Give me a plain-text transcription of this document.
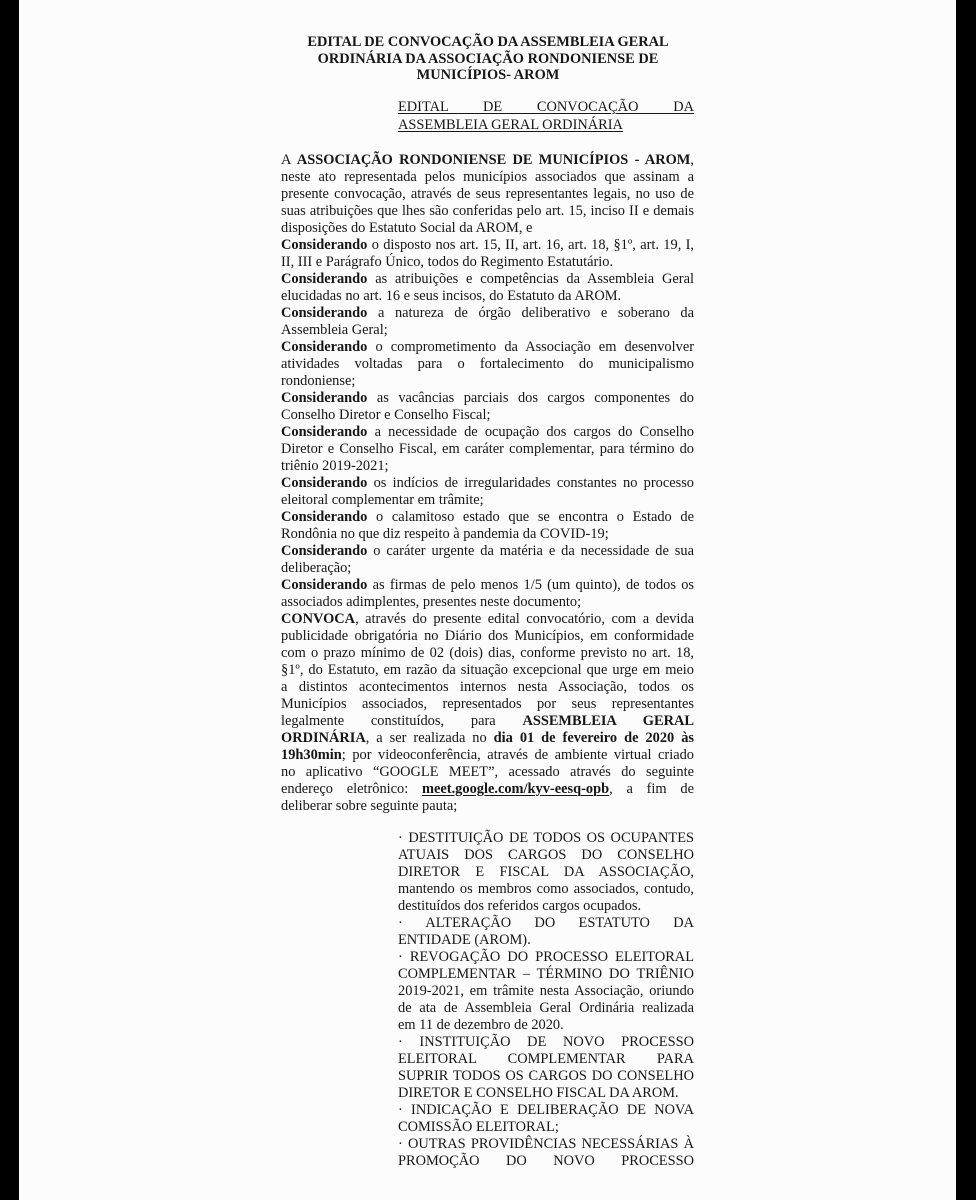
EDITAL DE CONVOCAÇÃO DA ASSEMBLEIA GERAL
ORDINÁRIA DA ASSOCIAÇÃO RONDONIENSE DE
MUNICÍPIOS- AROM
EDITAL DE CONVOCAÇÃO DA
ASSEMBLEIA GERAL ORDINÁRIA
A ASSOCIAÇÃO RONDONIENSE DE MUNICÍPIOS - AROM,
neste ato representada pelos municípios associados que assinam a
presente convocação, através de seus representantes legais, no uso de
suas atribuições que lhes são conferidas pelo art. 15, inciso II e demais
disposições do Estatuto Social da AROM, e
Considerando o disposto nos art. 15, II, art. 16, art. 18, §1º, art. 19, I,
II, III e Parágrafo Único, todos do Regimento Estatutário.
Considerando as atribuições e competências da Assembleia Geral
elucidadas no art. 16 e seus incisos, do Estatuto da AROM.
Considerando a natureza de órgão deliberativo e soberano da
Assembleia Geral;
Considerando o comprometimento da Associação em desenvolver
atividades voltadas para o fortalecimento do municipalismo
rondoniense;
Considerando as vacâncias parciais dos cargos componentes do
Conselho Diretor e Conselho Fiscal;
Considerando a necessidade de ocupação dos cargos do Conselho
Diretor e Conselho Fiscal, em caráter complementar, para término do
triênio 2019-2021;
Considerando os indícios de irregularidades constantes no processo
eleitoral complementar em trâmite;
Considerando o calamitoso estado que se encontra o Estado de
Rondônia no que diz respeito à pandemia da COVID-19;
Considerando o caráter urgente da matéria e da necessidade de sua
deliberação;
Considerando as firmas de pelo menos 1/5 (um quinto), de todos os
associados adimplentes, presentes neste documento;
CONVOCA, através do presente edital convocatório, com a devida
publicidade obrigatória no Diário dos Municípios, em conformidade
com o prazo mínimo de 02 (dois) dias, conforme previsto no art. 18,
§1º, do Estatuto, em razão da situação excepcional que urge em meio
a distintos acontecimentos internos nesta Associação, todos os
Municípios associados, representados por seus representantes
legalmente constituídos, para ASSEMBLEIA GERAL
ORDINÁRIA, a ser realizada no dia 01 de fevereiro de 2020 às
19h30min; por videoconferência, através de ambiente virtual criado
no aplicativo “GOOGLE MEET”, acessado através do seguinte
endereço eletrônico: meet.google.com/kyv-eesq-opb, a fim de
deliberar sobre seguinte pauta;
· DESTITUIÇÃO DE TODOS OS OCUPANTES
ATUAIS DOS CARGOS DO CONSELHO
DIRETOR E FISCAL DA ASSOCIAÇÃO,
mantendo os membros como associados, contudo,
destituídos dos referidos cargos ocupados.
· ALTERAÇÃO DO ESTATUTO DA
ENTIDADE (AROM).
· REVOGAÇÃO DO PROCESSO ELEITORAL
COMPLEMENTAR – TÉRMINO DO TRIÊNIO
2019-2021, em trâmite nesta Associação, oriundo
de ata de Assembleia Geral Ordinária realizada
em 11 de dezembro de 2020.
· INSTITUIÇÃO DE NOVO PROCESSO
ELEITORAL COMPLEMENTAR PARA
SUPRIR TODOS OS CARGOS DO CONSELHO
DIRETOR E CONSELHO FISCAL DA AROM.
· INDICAÇÃO E DELIBERAÇÃO DE NOVA
COMISSÃO ELEITORAL;
· OUTRAS PROVIDÊNCIAS NECESSÁRIAS À
PROMOÇÃO DO NOVO PROCESSO
